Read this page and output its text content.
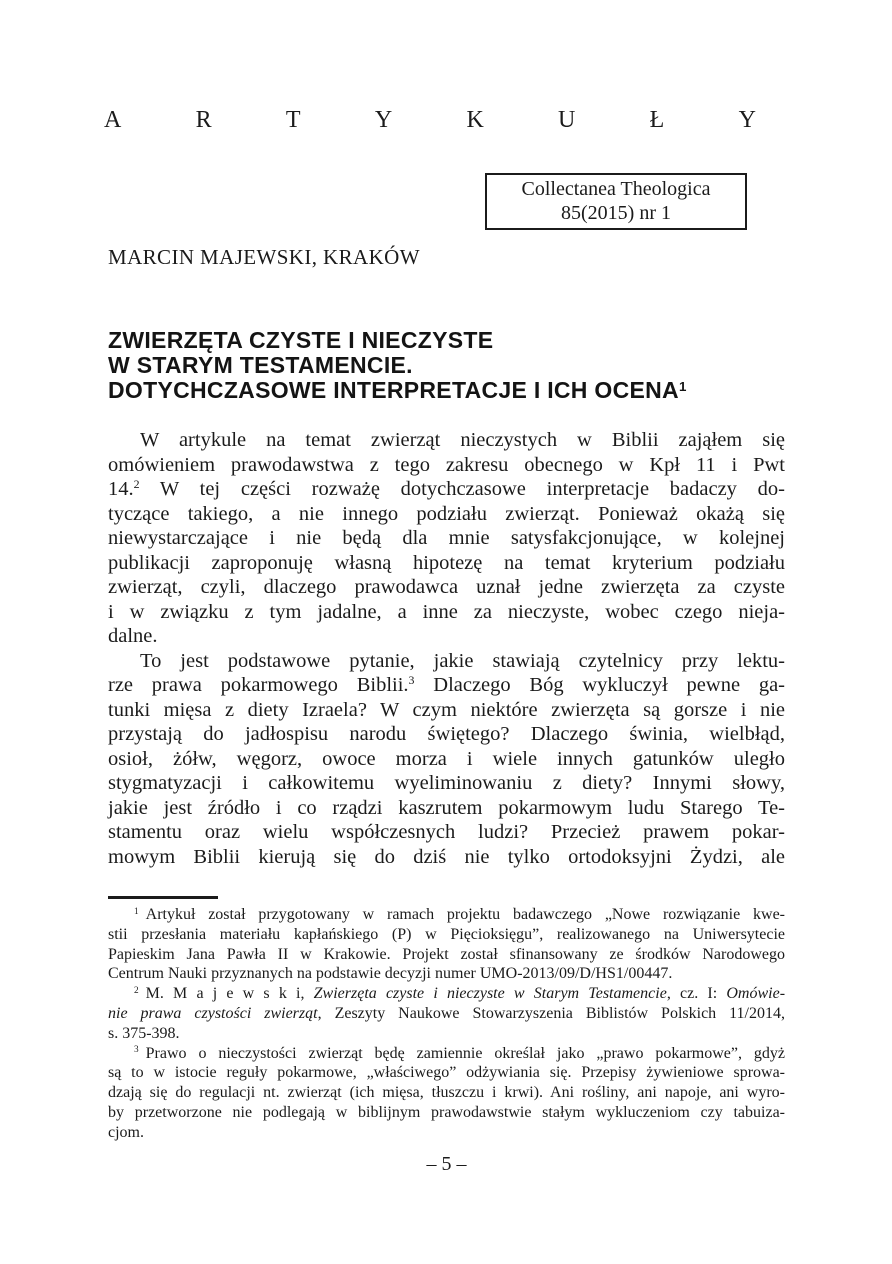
A	R	T	Y	K	U	Ł	Y
Collectanea Theologica
85(2015) nr 1
MARCIN MAJEWSKI, KRAKÓW
ZWIERZĘTA CZYSTE I NIECZYSTE
W STARYM TESTAMENCIE.
DOTYCHCZASOWE INTERPRETACJE I ICH OCENA$^1$
W artykule na temat zwierząt nieczystych w Biblii zająłem się
omówieniem prawodawstwa z tego zakresu obecnego w Kpł 11 i Pwt
14.$^2$ W tej części rozważę dotychczasowe interpretacje badaczy do-
tyczące takiego, a nie innego podziału zwierząt. Ponieważ okażą się
niewystarczające i nie będą dla mnie satysfakcjonujące, w kolejnej
publikacji zaproponuję własną hipotezę na temat kryterium podziału
zwierząt, czyli, dlaczego prawodawca uznał jedne zwierzęta za czyste
i w związku z tym jadalne, a inne za nieczyste, wobec czego nieja-
dalne.
To jest podstawowe pytanie, jakie stawiają czytelnicy przy lektu-
rze prawa pokarmowego Biblii.$^3$ Dlaczego Bóg wykluczył pewne ga-
tunki mięsa z diety Izraela? W czym niektóre zwierzęta są gorsze i nie
przystają do jadłospisu narodu świętego? Dlaczego świnia, wielbłąd,
osioł, żółw, węgorz, owoce morza i wiele innych gatunków uległo
stygmatyzacji i całkowitemu wyeliminowaniu z diety? Innymi słowy,
jakie jest źródło i co rządzi kaszrutem pokarmowym ludu Starego Te-
stamentu oraz wielu współczesnych ludzi? Przecież prawem pokar-
mowym Biblii kierują się do dziś nie tylko ortodoksyjni Żydzi, ale
$^1$ Artykuł został przygotowany w ramach projektu badawczego „Nowe rozwiązanie kwe-
stii przesłania materiału kapłańskiego (P) w Pięcioksięgu”, realizowanego na Uniwersytecie
Papieskim Jana Pawła II w Krakowie. Projekt został sfinansowany ze środków Narodowego
Centrum Nauki przyznanych na podstawie decyzji numer UMO-2013/09/D/HS1/00447.
$^2$ M. M a j e w s k i, Zwierzęta czyste i nieczyste w Starym Testamencie, cz. I: Omówie-
nie prawa czystości zwierząt, Zeszyty Naukowe Stowarzyszenia Biblistów Polskich 11/2014,
s. 375-398.
$^3$ Prawo o nieczystości zwierząt będę zamiennie określał jako „prawo pokarmowe”, gdyż
są to w istocie reguły pokarmowe, „właściwego” odżywiania się. Przepisy żywieniowe sprowa-
dzają się do regulacji nt. zwierząt (ich mięsa, tłuszczu i krwi). Ani rośliny, ani napoje, ani wyro-
by przetworzone nie podlegają w biblijnym prawodawstwie stałym wykluczeniom czy tabuiza-
cjom.
– 5 –
